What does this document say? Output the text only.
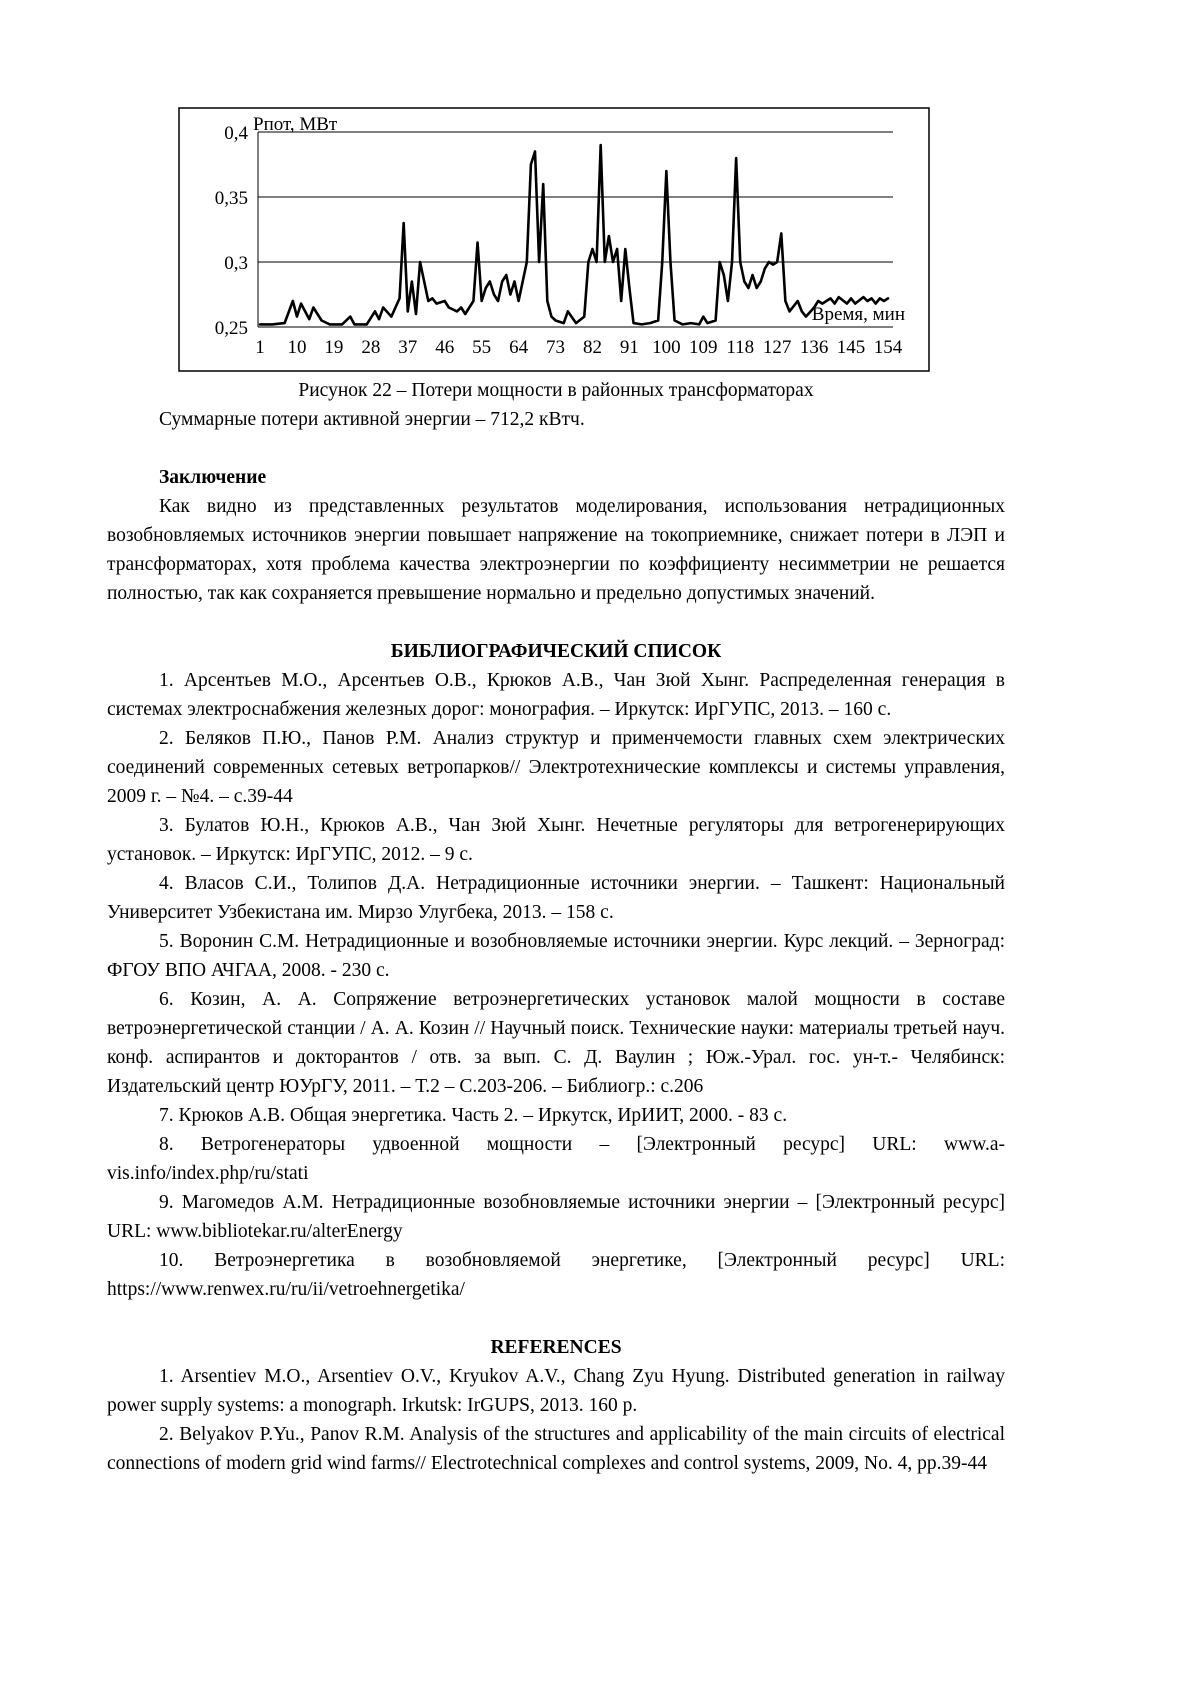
0,25
0,3
0,35
0,4
1 10 19 28 37 46 55 64 73 82 91 100 109 118 127 136 145 154
Рпот, МВт
Время, мин
Рисунок 22 – Потери мощности в районных трансформаторах

Суммарные потери активной энергии – 712,2 кВтч.

Заключение

Как видно из представленных результатов моделирования, использования нетрадиционных возобновляемых источников энергии повышает напряжение на токоприемнике, снижает потери в ЛЭП и трансформаторах, хотя проблема качества электроэнергии по коэффициенту несимметрии не решается полностью, так как сохраняется превышение нормально и предельно допустимых значений.

БИБЛИОГРАФИЧЕСКИЙ СПИСОК

1. Арсентьев М.О., Арсентьев О.В., Крюков А.В., Чан Зюй Хынг. Распределенная генерация в системах электроснабжения железных дорог: монография. – Иркутск: ИрГУПС, 2013. – 160 с.

2. Беляков П.Ю., Панов Р.М. Анализ структур и применчемости главных схем электрических соединений современных сетевых ветропарков// Электротехнические комплексы и системы управления, 2009 г. – №4. – с.39-44

3. Булатов Ю.Н., Крюков А.В., Чан Зюй Хынг. Нечетные регуляторы для ветрогенерирующих установок. – Иркутск: ИрГУПС, 2012. – 9 с.

4. Власов С.И., Толипов Д.А. Нетрадиционные источники энергии. – Ташкент: Национальный Университет Узбекистана им. Мирзо Улугбека, 2013. – 158 с.

5. Воронин С.М. Нетрадиционные и возобновляемые источники энергии. Курс лекций. – Зерноград: ФГОУ ВПО АЧГАА, 2008. - 230 с.

6. Козин, А. А. Сопряжение ветроэнергетических установок малой мощности в составе ветроэнергетической станции / А. А. Козин // Научный поиск. Технические науки: материалы третьей науч. конф. аспирантов и докторантов / отв. за вып. С. Д. Ваулин ; Юж.-Урал. гос. ун-т.- Челябинск: Издательский центр ЮУрГУ, 2011. – Т.2 – С.203-206. – Библиогр.: с.206

7. Крюков А.В. Общая энергетика. Часть 2. – Иркутск, ИрИИТ, 2000. - 83 с.

8. Ветрогенераторы удвоенной мощности – [Электронный ресурс] URL: www.a-vis.info/index.php/ru/stati

9. Магомедов А.М. Нетрадиционные возобновляемые источники энергии – [Электронный ресурс] URL: www.bibliotekar.ru/alterEnergy

10. Ветроэнергетика в возобновляемой энергетике, [Электронный ресурс] URL: https://www.renwex.ru/ru/ii/vetroehnergetika/

REFERENCES

1. Arsentiev M.O., Arsentiev O.V., Kryukov A.V., Chang Zyu Hyung. Distributed generation in railway power supply systems: a monograph. Irkutsk: IrGUPS, 2013. 160 p.

2. Belyakov P.Yu., Panov R.M. Analysis of the structures and applicability of the main circuits of electrical connections of modern grid wind farms// Electrotechnical complexes and control systems, 2009, No. 4, pp.39-44
